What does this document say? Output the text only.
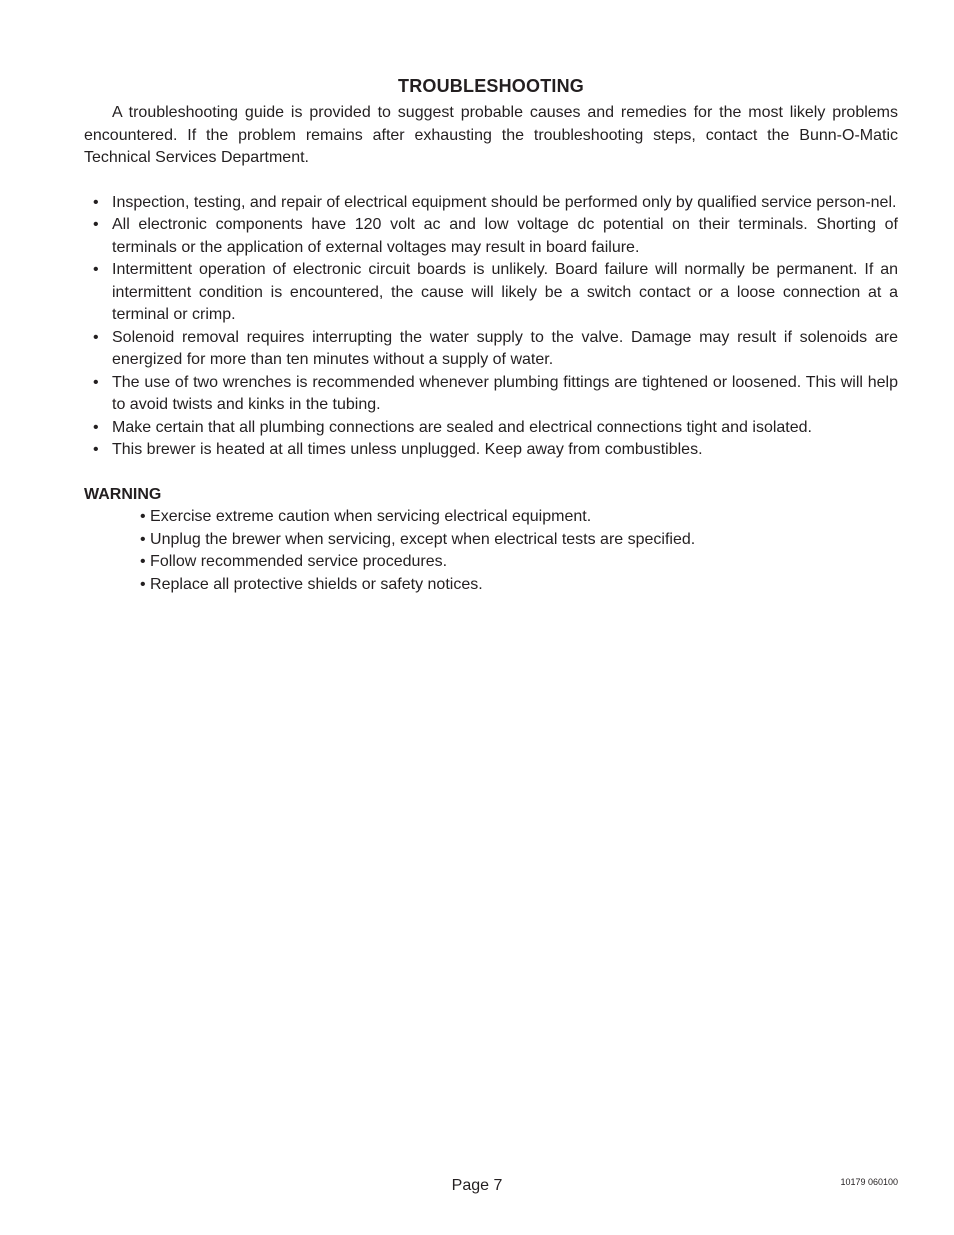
TROUBLESHOOTING

A troubleshooting guide is provided to suggest probable causes and remedies for the most likely problems encountered. If the problem remains after exhausting the troubleshooting steps, contact the Bunn-O-Matic Technical Services Department.

• Inspection, testing, and repair of electrical equipment should be performed only by qualified service person-nel.
• All electronic components have 120 volt ac and low voltage dc potential on their terminals. Shorting of terminals or the application of external voltages may result in board failure.
• Intermittent operation of electronic circuit boards is unlikely. Board failure will normally be permanent. If an intermittent condition is encountered, the cause will likely be a switch contact or a loose connection at a terminal or crimp.
• Solenoid removal requires interrupting the water supply to the valve. Damage may result if solenoids are energized for more than ten minutes without a supply of water.
• The use of two wrenches is recommended whenever plumbing fittings are tightened or loosened. This will help to avoid twists and kinks in the tubing.
• Make certain that all plumbing connections are sealed and electrical connections tight and isolated.
• This brewer is heated at all times unless unplugged. Keep away from combustibles.
WARNING
• Exercise extreme caution when servicing electrical equipment.
• Unplug the brewer when servicing, except when electrical tests are specified.
• Follow recommended service procedures.
• Replace all protective shields or safety notices.
Page 7	10179 060100
